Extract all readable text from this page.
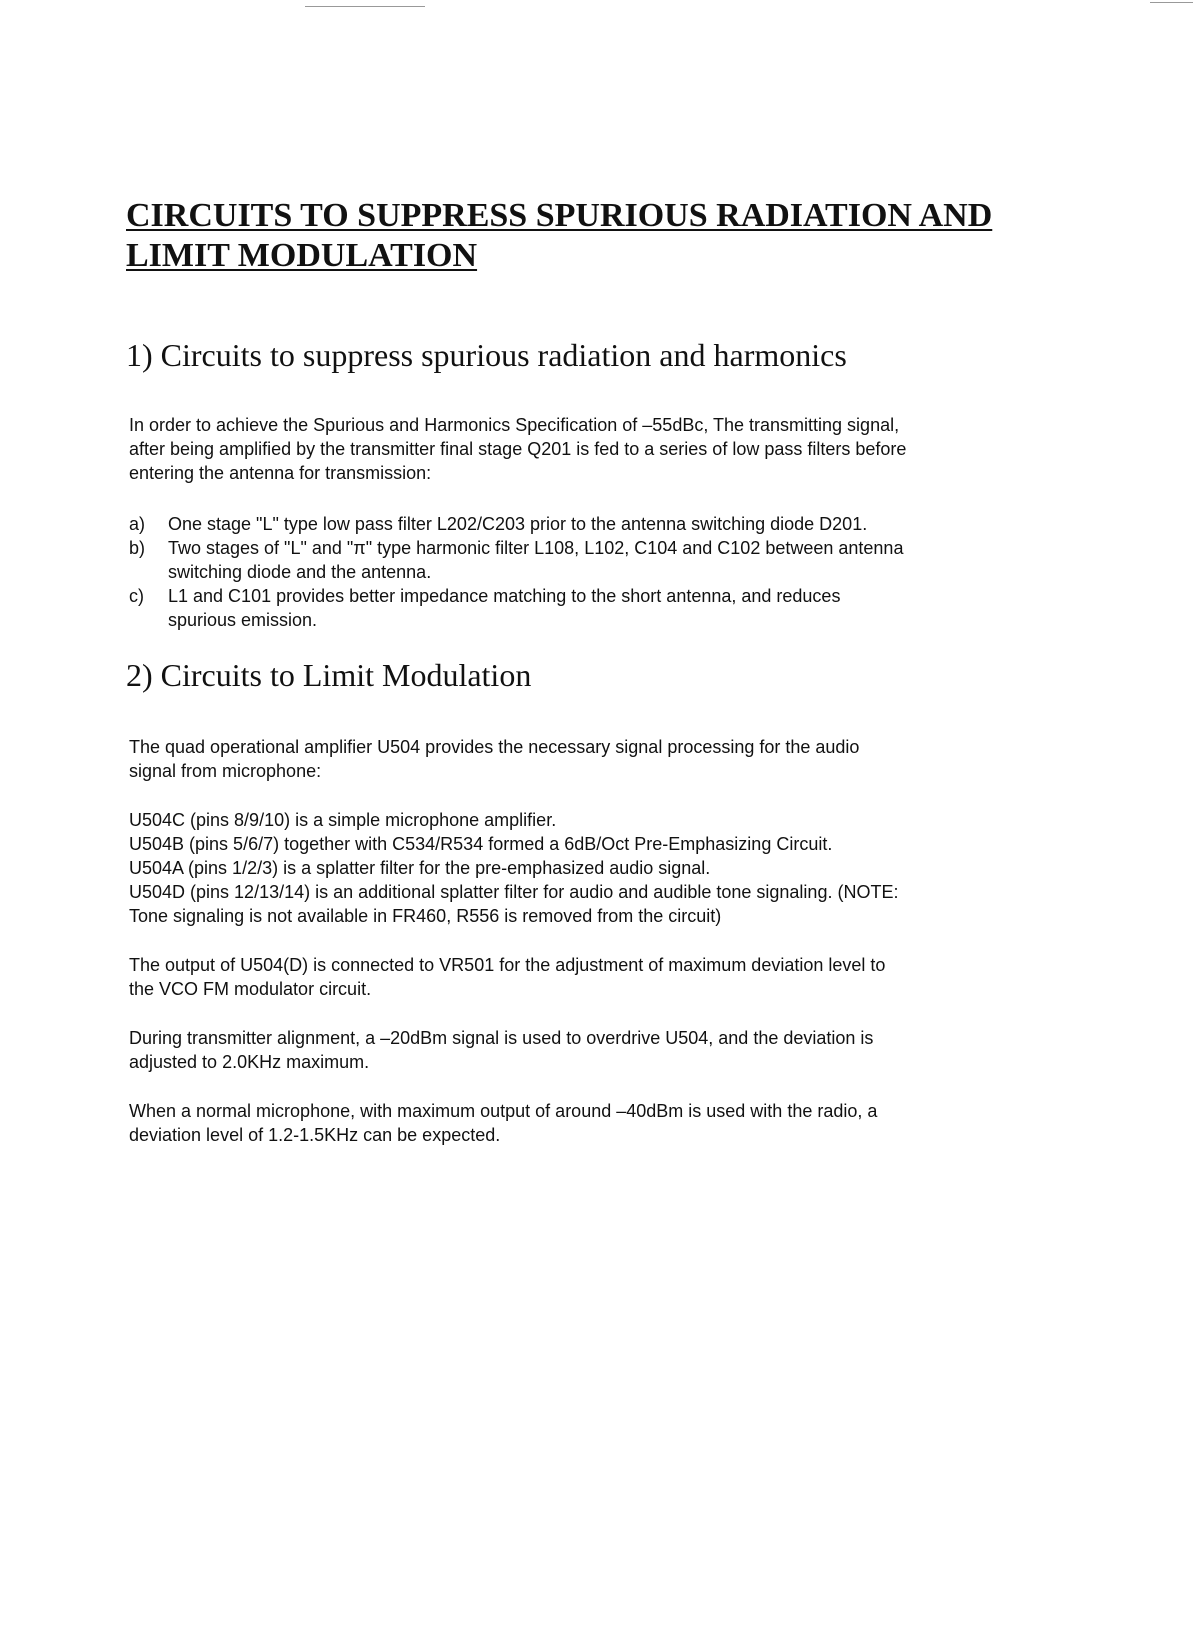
CIRCUITS TO SUPPRESS SPURIOUS RADIATION AND
LIMIT MODULATION
1) Circuits to suppress spurious radiation and harmonics

In order to achieve the Spurious and Harmonics Specification of –55dBc, The transmitting signal,
after being amplified by the transmitter final stage Q201 is fed to a series of low pass filters before
entering the antenna for transmission:

a) One stage "L" type low pass filter L202/C203 prior to the antenna switching diode D201.
b) Two stages of "L" and "π" type harmonic filter L108, L102, C104 and C102 between antenna
switching diode and the antenna.
c) L1 and C101 provides better impedance matching to the short antenna, and reduces
spurious emission.
2) Circuits to Limit Modulation

The quad operational amplifier U504 provides the necessary signal processing for the audio
signal from microphone:

U504C (pins 8/9/10) is a simple microphone amplifier.
U504B (pins 5/6/7) together with C534/R534 formed a 6dB/Oct Pre-Emphasizing Circuit.
U504A (pins 1/2/3) is a splatter filter for the pre-emphasized audio signal.
U504D (pins 12/13/14) is an additional splatter filter for audio and audible tone signaling. (NOTE:
Tone signaling is not available in FR460, R556 is removed from the circuit)

The output of U504(D) is connected to VR501 for the adjustment of maximum deviation level to
the VCO FM modulator circuit.

During transmitter alignment, a –20dBm signal is used to overdrive U504, and the deviation is
adjusted to 2.0KHz maximum.

When a normal microphone, with maximum output of around –40dBm is used with the radio, a
deviation level of 1.2-1.5KHz can be expected.
